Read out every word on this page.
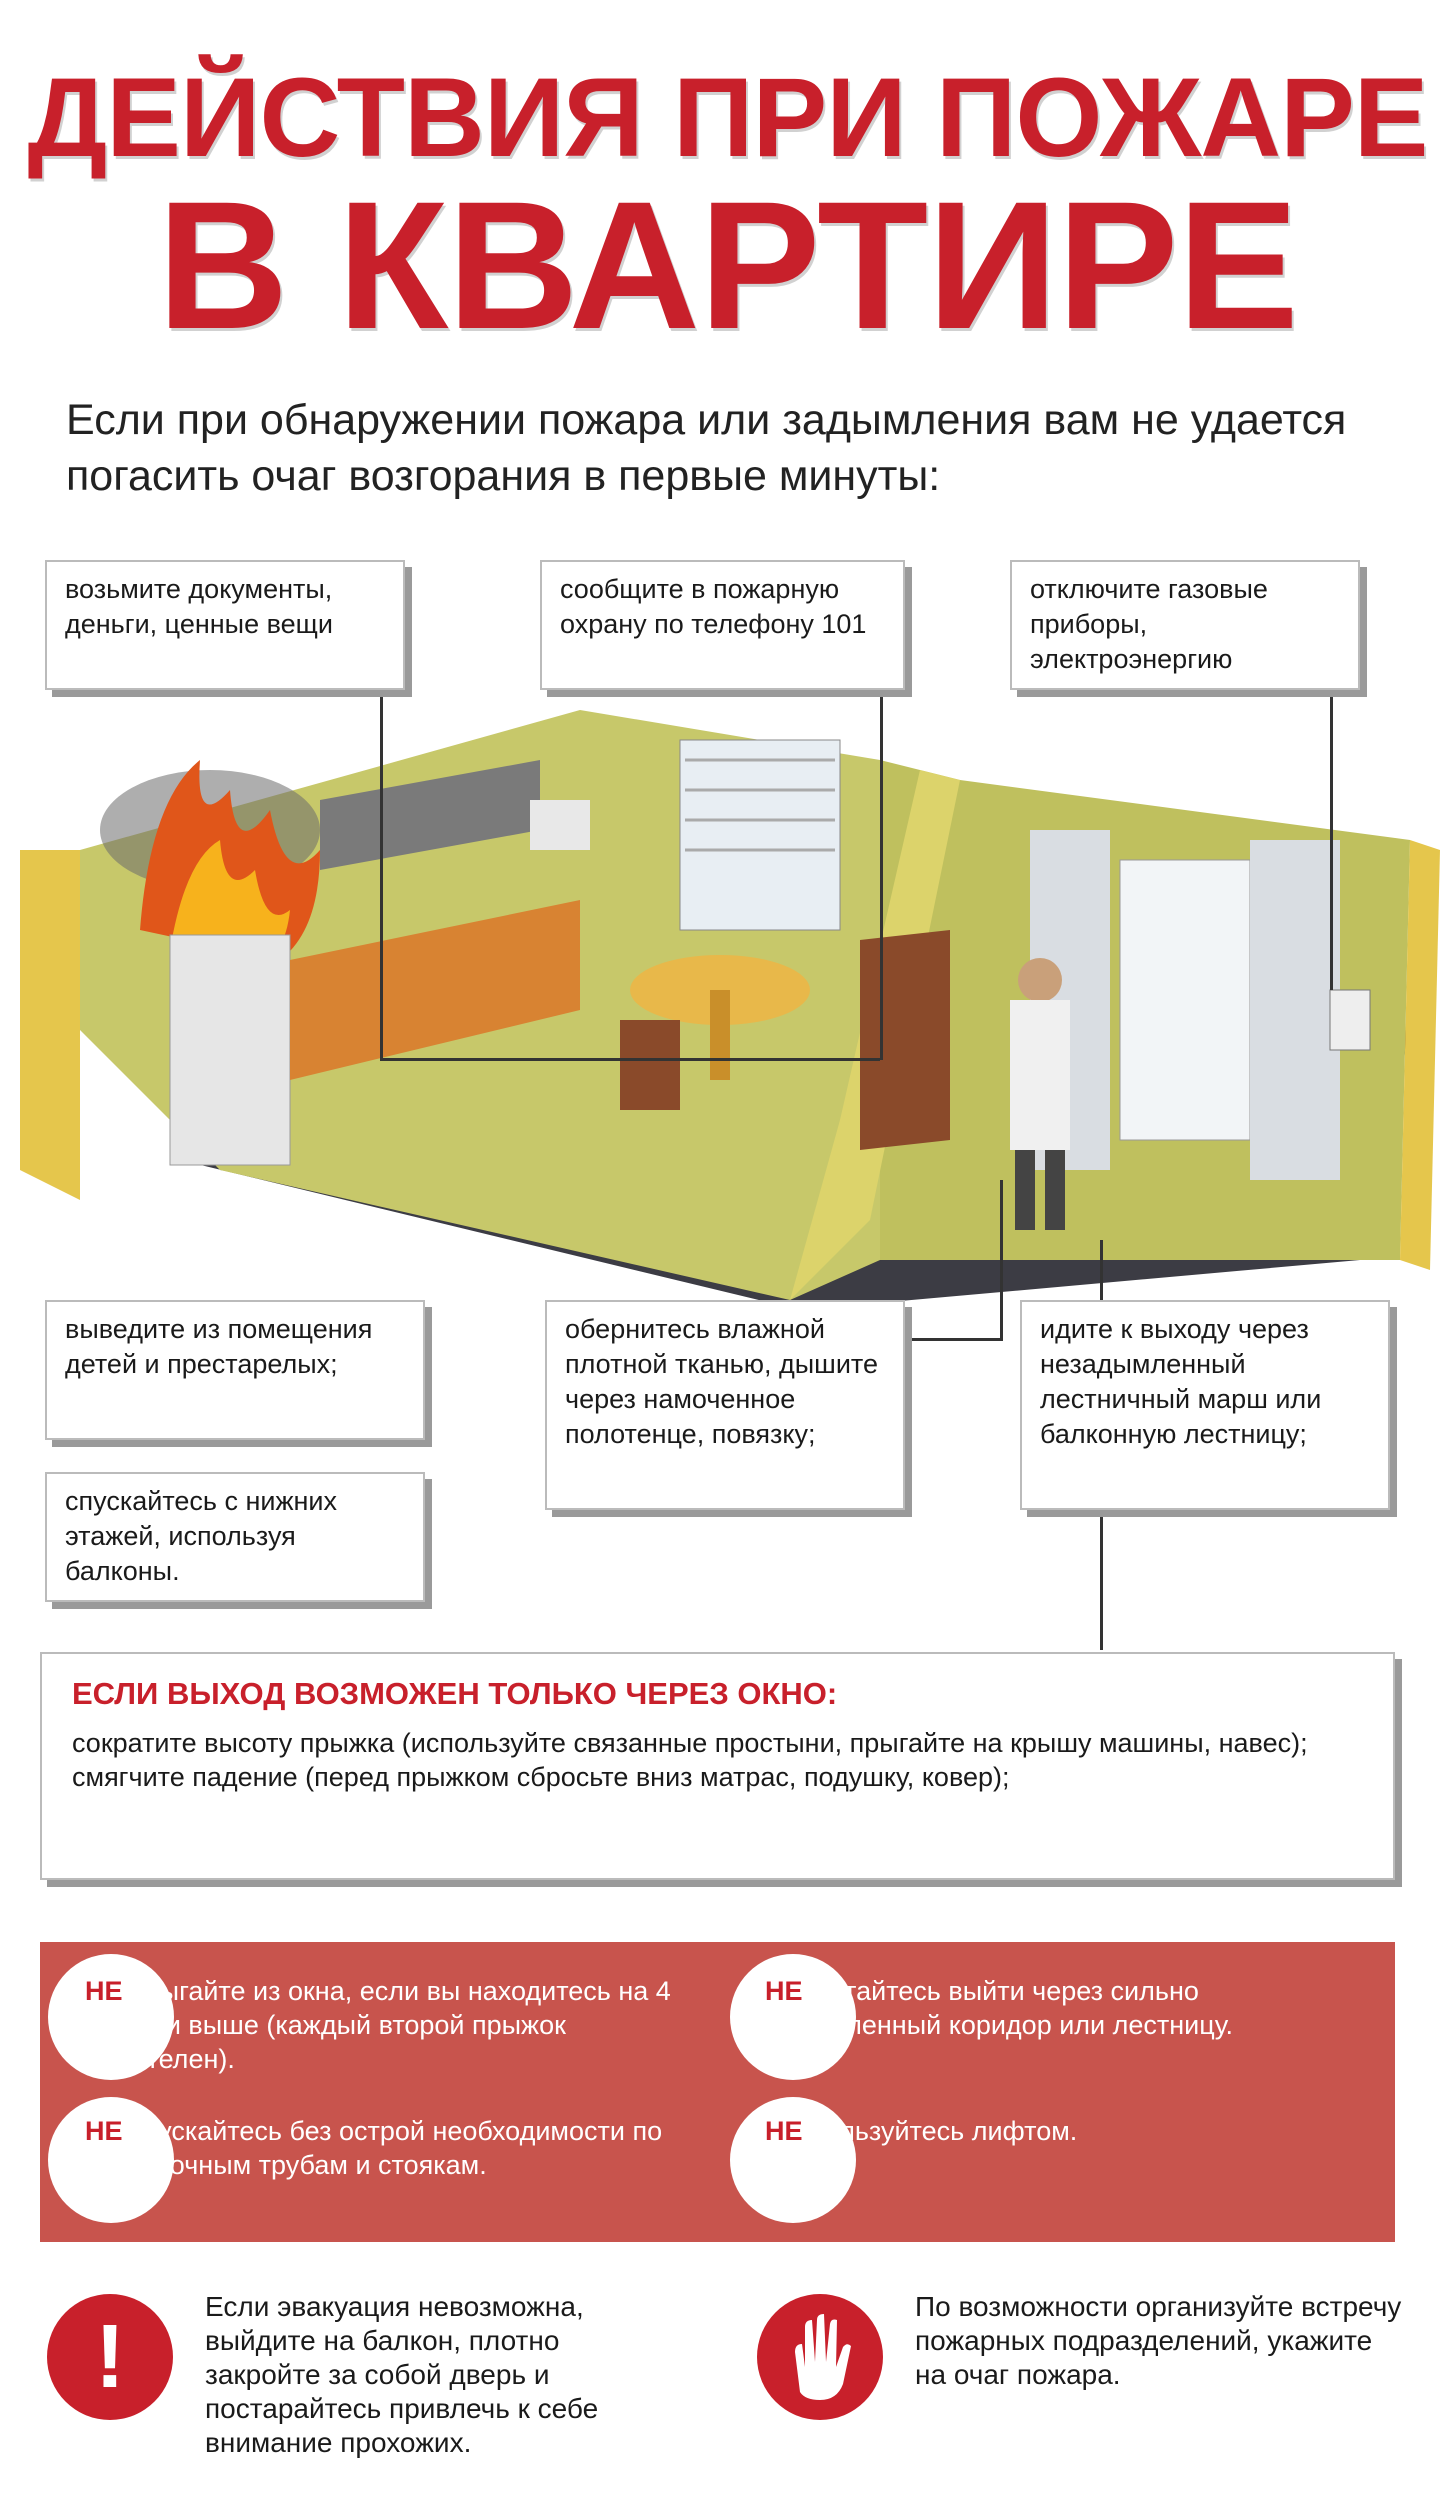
ДЕЙСТВИЯ ПРИ ПОЖАРЕ
В КВАРТИРЕ
Если при обнаружении пожара или задымления вам не удается погасить очаг возгорания в первые минуты:
возьмите документы, деньги, ценные вещи
сообщите в пожарную охрану по телефону 101
отключите газовые приборы, электроэнергию
выведите из помещения детей и престарелых;
обернитесь влажной плотной тканью, дышите через намоченное полотенце, повязку;
идите к выходу через незадымленный лестничный марш или балконную лестницу;
спускайтесь с нижних этажей, используя балконы.
ЕСЛИ ВЫХОД ВОЗМОЖЕН ТОЛЬКО ЧЕРЕЗ ОКНО:
сократите высоту прыжка (используйте связанные простыни, прыгайте на крышу машины, навес);
смягчите падение (перед прыжком сбросьте вниз матрас, подушку, ковер);
НЕ прыгайте из окна, если вы находитесь на 4 этаже и выше (каждый второй прыжок смертелен).
НЕ спускайтесь без острой необходимости по водосточным трубам и стоякам.
НЕ пытайтесь выйти через сильно задымленный коридор или лестницу.
НЕ пользуйтесь лифтом.
!
Если эвакуация невозможна, выйдите на балкон, плотно закройте за собой дверь и постарайтесь привлечь к себе внимание прохожих.
По возможности организуйте встречу пожарных подразделений, укажите на очаг пожара.
